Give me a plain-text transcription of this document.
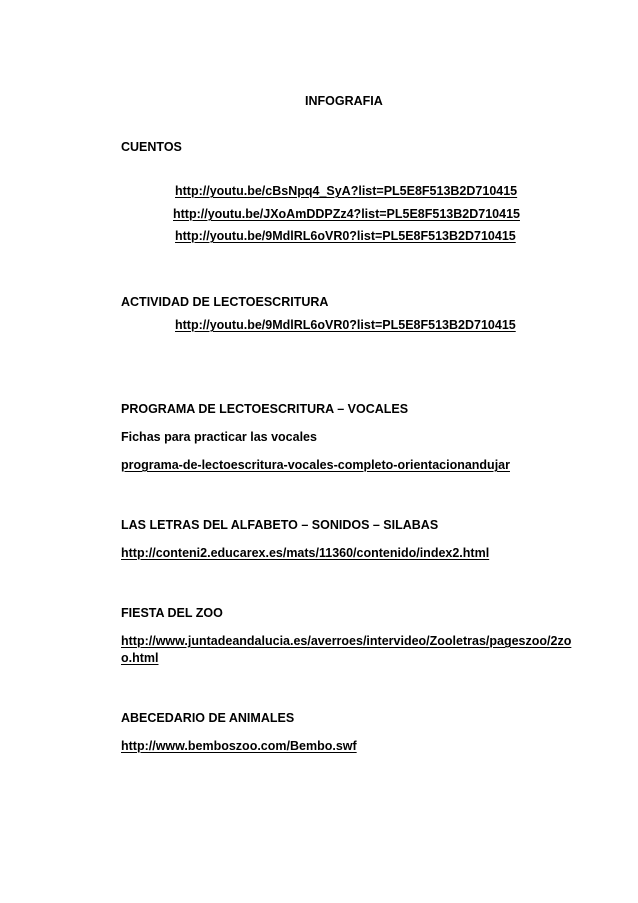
INFOGRAFIA
CUENTOS
http://youtu.be/cBsNpq4_SyA?list=PL5E8F513B2D710415
http://youtu.be/JXoAmDDPZz4?list=PL5E8F513B2D710415
http://youtu.be/9MdlRL6oVR0?list=PL5E8F513B2D710415
ACTIVIDAD DE LECTOESCRITURA
http://youtu.be/9MdlRL6oVR0?list=PL5E8F513B2D710415
PROGRAMA DE LECTOESCRITURA – VOCALES
Fichas para practicar las vocales
programa-de-lectoescritura-vocales-completo-orientacionandujar
LAS LETRAS DEL ALFABETO – SONIDOS – SILABAS
http://conteni2.educarex.es/mats/11360/contenido/index2.html
FIESTA DEL ZOO
http://www.juntadeandalucia.es/averroes/intervideo/Zooletras/pageszoo/2zoo.html
ABECEDARIO DE ANIMALES
http://www.bemboszoo.com/Bembo.swf
